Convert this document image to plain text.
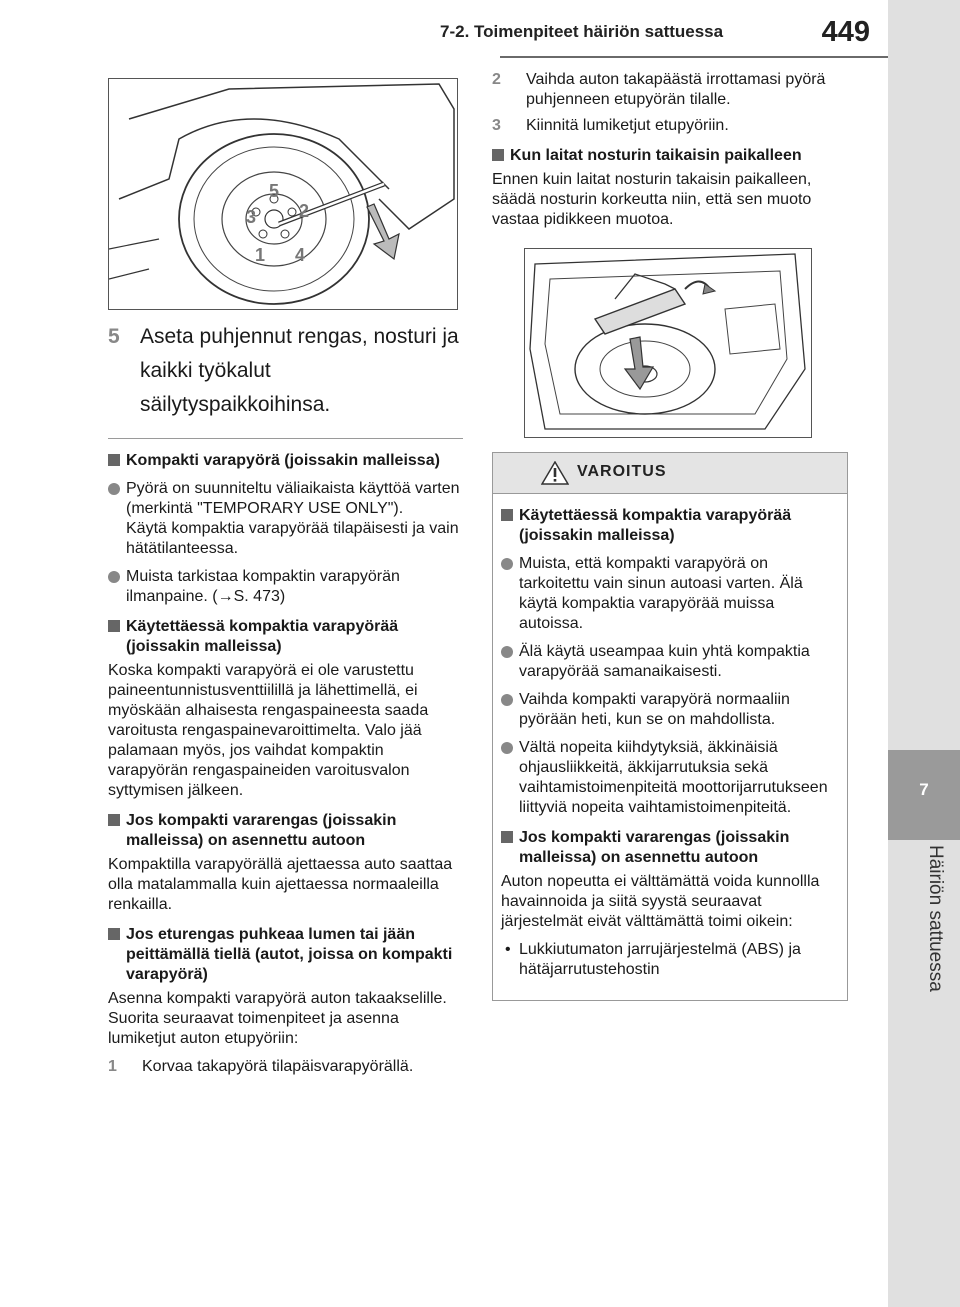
7-2. Toimenpiteet häiriön sattuessa	449
7
Häiriön sattuessa
5
2
3
1 4
5 Aseta puhjennut rengas, nosturi ja kaikki työkalut säilytyspaikkoihinsa.
Kompakti varapyörä (joissakin malleissa)
Pyörä on suunniteltu väliaikaista käyttöä varten (merkintä "TEMPORARY USE ONLY").
Käytä kompaktia varapyörää tilapäisesti ja vain hätätilanteessa.
Muista tarkistaa kompaktin varapyörän ilmanpaine. (→S. 473)
Käytettäessä kompaktia varapyörää (joissakin malleissa)
Koska kompakti varapyörä ei ole varustettu paineentunnistusventtiilillä ja lähettimellä, ei myöskään alhaisesta rengaspaineesta saada varoitusta rengaspainevaroittimelta. Valo jää palamaan myös, jos vaihdat kompaktin varapyörän rengaspaineiden varoitusvalon syttymisen jälkeen.
Jos kompakti vararengas (joissakin malleissa) on asennettu autoon
Kompaktilla varapyörällä ajettaessa auto saattaa olla matalammalla kuin ajettaessa normaaleilla renkailla.
Jos eturengas puhkeaa lumen tai jään peittämällä tiellä (autot, joissa on kompakti varapyörä)
Asenna kompakti varapyörä auton takaakselille. Suorita seuraavat toimenpiteet ja asenna lumiketjut auton etupyöriin:
1 Korvaa takapyörä tilapäisvarapyörällä.
2 Vaihda auton takapäästä irrottamasi pyörä puhjenneen etupyörän tilalle.
3 Kiinnitä lumiketjut etupyöriin.
Kun laitat nosturin taikaisin paikalleen
Ennen kuin laitat nosturin takaisin paikalleen, säädä nosturin korkeutta niin, että sen muoto vastaa pidikkeen muotoa.
VAROITUS
Käytettäessä kompaktia varapyörää (joissakin malleissa)
Muista, että kompakti varapyörä on tarkoitettu vain sinun autoasi varten. Älä käytä kompaktia varapyörää muissa autoissa.
Älä käytä useampaa kuin yhtä kompaktia varapyörää samanaikaisesti.
Vaihda kompakti varapyörä normaaliin pyörään heti, kun se on mahdollista.
Vältä nopeita kiihdytyksiä, äkkinäisiä ohjausliikkeitä, äkkijarrutuksia sekä vaihtamistoimenpiteitä moottorijarrutukseen liittyviä nopeita vaihtamistoimenpiteitä.
Jos kompakti vararengas (joissakin malleissa) on asennettu autoon
Auton nopeutta ei välttämättä voida kunnollla havainnoida ja siitä syystä seuraavat järjestelmät eivät välttämättä toimi oikein:
• Lukkiutumaton jarrujärjestelmä (ABS) ja hätäjarrutustehostin
